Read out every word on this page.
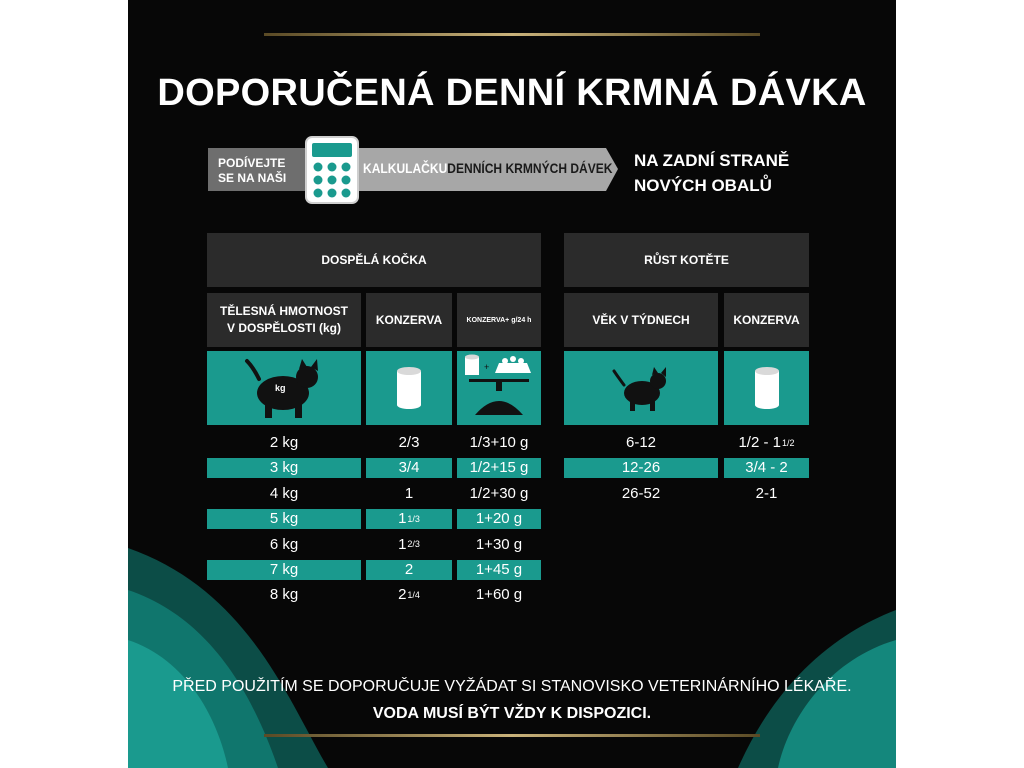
DOPORUČENÁ DENNÍ KRMNÁ DÁVKA
PODÍVEJTE
SE NA NAŠI
KALKULAČKU DENNÍCH KRMNÝCH DÁVEK NA ZADNÍ STRANĚ
NOVÝCH OBALŮ
DOSPĚLÁ KOČKA
TĚLESNÁ HMOTNOST
V DOSPĚLOSTI (kg)
KONZERVA	KONZERVA+ g/24 h
kg
+
RŮST KOTĚTE
VĚK V TÝDNECH	KONZERVA
2 kg	2/3	1/3+10 g
3 kg	3/4	1/2+15 g
4 kg	1	1/2+30 g
5 kg	1 1/3	1+20 g
6 kg	1 2/3	1+30 g
7 kg	2	1+45 g
8 kg	2 1/4	1+60 g
6-12	1/2 - 1 1/2
12-26	3/4 - 2
26-52	2-1
PŘED POUŽITÍM SE DOPORUČUJE VYŽÁDAT SI STANOVISKO VETERINÁRNÍHO LÉKAŘE.
VODA MUSÍ BÝT VŽDY K DISPOZICI.
